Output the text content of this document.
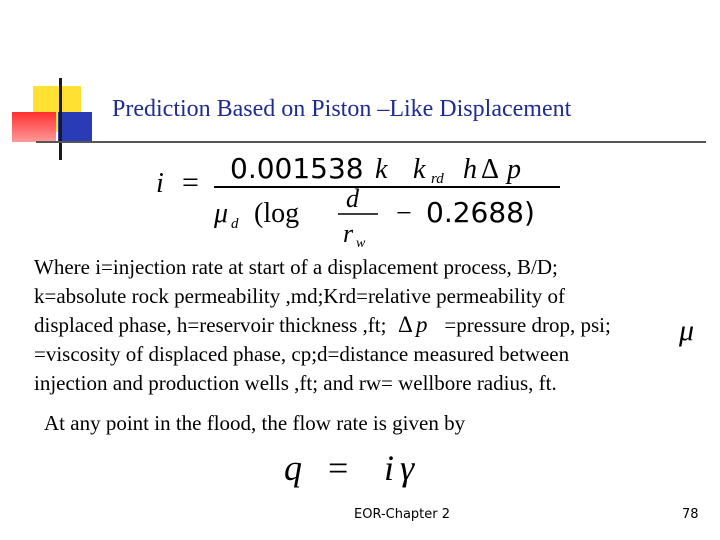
Prediction Based on Piston –Like Displacement
i = 0.001538 k k rd h Δ p
μ d (log d
r w
− 0.2688)
Where i=injection rate at start of a displacement process, B/D;
k=absolute rock permeability ,md;Krd=relative permeability of
displaced phase, h=reservoir thickness ,ft; Δ p =pressure drop, psi;
=viscosity of displaced phase, cp;d=distance measured between
injection and production wells ,ft; and rw= wellbore radius, ft.
μ
At any point in the flood, the flow rate is given by
q = i γ
EOR-Chapter 2	78
